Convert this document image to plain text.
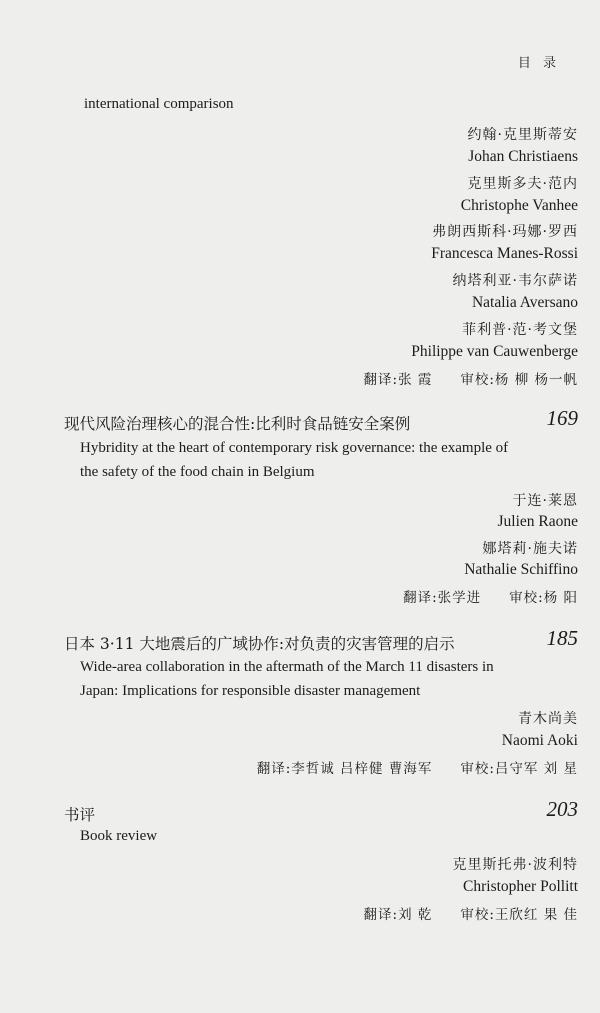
目 录
international comparison
约翰·克里斯蒂安
Johan Christiaens
克里斯多夫·范内
Christophe Vanhee
弗朗西斯科·玛娜·罗西
Francesca Manes-Rossi
纳塔利亚·韦尔萨诺
Natalia Aversano
菲利普·范·考文堡
Philippe van Cauwenberge
翻译:张 霞 审校:杨 柳 杨一帆
现代风险治理核心的混合性:比利时食品链安全案例	169
Hybridity at the heart of contemporary risk governance: the example of
the safety of the food chain in Belgium
于连·莱恩
Julien Raone
娜塔莉·施夫诺
Nathalie Schiffino
翻译:张学进 审校:杨 阳
日本 3·11 大地震后的广域协作:对负责的灾害管理的启示	185
Wide-area collaboration in the aftermath of the March 11 disasters in
Japan: Implications for responsible disaster management
青木尚美
Naomi Aoki
翻译:李哲诚 吕梓健 曹海军 审校:吕守军 刘 星
书评	203
Book review
克里斯托弗·波利特
Christopher Pollitt
翻译:刘 乾 审校:王欣红 果 佳
